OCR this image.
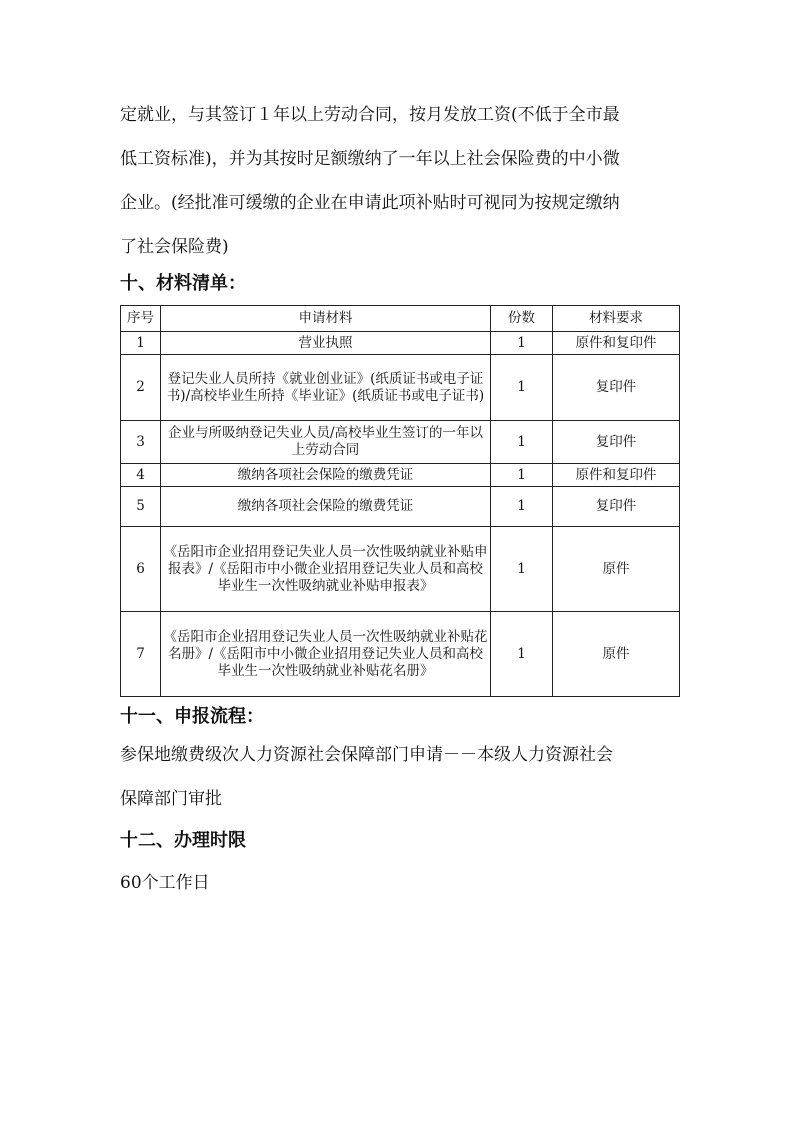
定就业，与其签订１年以上劳动合同，按月发放工资(不低于全市最
低工资标准)，并为其按时足额缴纳了一年以上社会保险费的中小微
企业。(经批准可缓缴的企业在申请此项补贴时可视同为按规定缴纳
了社会保险费)
十、材料清单：
序号	申请材料	份数	材料要求
1	营业执照	1	原件和复印件
2	登记失业人员所持《就业创业证》(纸质证书或电子证书)/高校毕业生所持《毕业证》(纸质证书或电子证书)	1	复印件
3	企业与所吸纳登记失业人员/高校毕业生签订的一年以上劳动合同	1	复印件
4	缴纳各项社会保险的缴费凭证	1	原件和复印件
5	缴纳各项社会保险的缴费凭证	1	复印件
6	《岳阳市企业招用登记失业人员一次性吸纳就业补贴申报表》/《岳阳市中小微企业招用登记失业人员和高校毕业生一次性吸纳就业补贴申报表》	1	原件
7	《岳阳市企业招用登记失业人员一次性吸纳就业补贴花名册》/《岳阳市中小微企业招用登记失业人员和高校毕业生一次性吸纳就业补贴花名册》	1	原件
十一、申报流程：
参保地缴费级次人力资源社会保障部门申请－－本级人力资源社会
保障部门审批
十二、办理时限
60个工作日
